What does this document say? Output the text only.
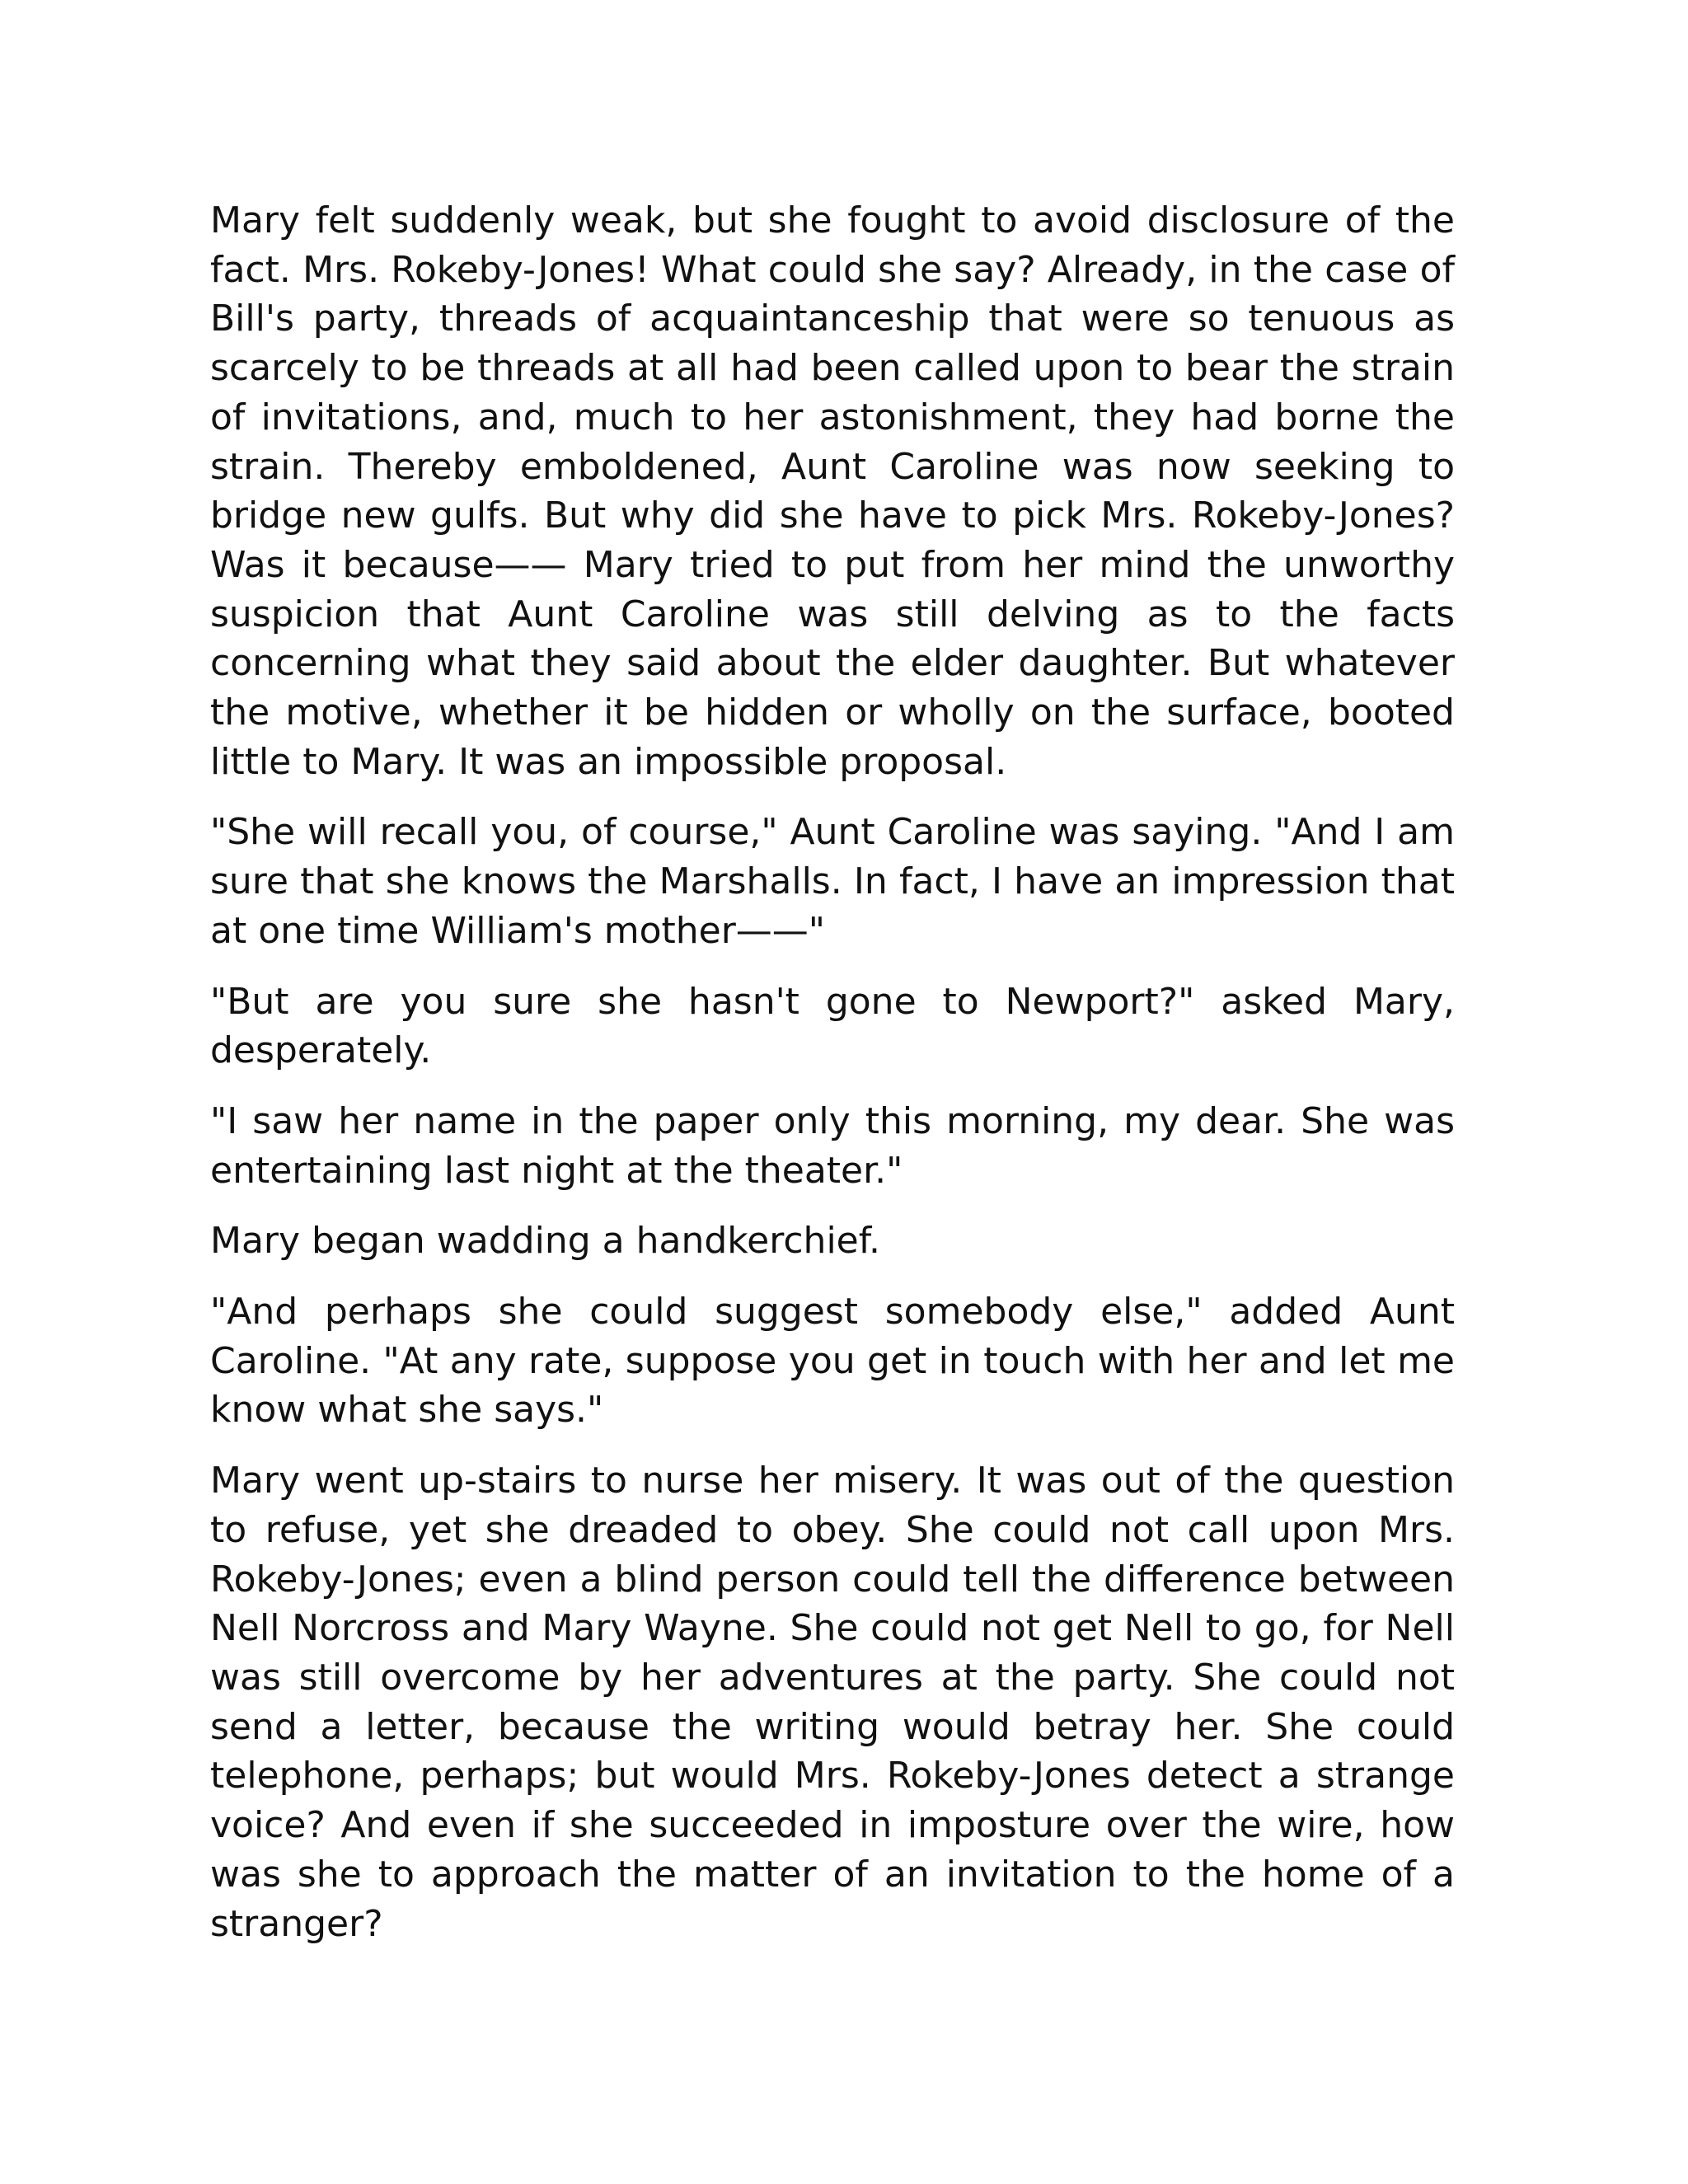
Mary felt suddenly weak, but she fought to avoid disclosure of the fact. Mrs. Rokeby-Jones! What could she say? Already, in the case of Bill's party, threads of acquaintanceship that were so tenuous as scarcely to be threads at all had been called upon to bear the strain of invitations, and, much to her astonishment, they had borne the strain. Thereby emboldened, Aunt Caroline was now seeking to bridge new gulfs. But why did she have to pick Mrs. Rokeby-Jones? Was it because—— Mary tried to put from her mind the unworthy suspicion that Aunt Caroline was still delving as to the facts concerning what they said about the elder daughter. But whatever the motive, whether it be hidden or wholly on the surface, booted little to Mary. It was an impossible proposal.

"She will recall you, of course," Aunt Caroline was saying. "And I am sure that she knows the Marshalls. In fact, I have an impression that at one time William's mother——"

"But are you sure she hasn't gone to Newport?" asked Mary, desperately.

"I saw her name in the paper only this morning, my dear. She was entertaining last night at the theater."

Mary began wadding a handkerchief.

"And perhaps she could suggest somebody else," added Aunt Caroline. "At any rate, suppose you get in touch with her and let me know what she says."

Mary went up-stairs to nurse her misery. It was out of the question to refuse, yet she dreaded to obey. She could not call upon Mrs. Rokeby-Jones; even a blind person could tell the difference between Nell Norcross and Mary Wayne. She could not get Nell to go, for Nell was still overcome by her adventures at the party. She could not send a letter, because the writing would betray her. She could telephone, perhaps; but would Mrs. Rokeby-Jones detect a strange voice? And even if she succeeded in imposture over the wire, how was she to approach the matter of an invitation to the home of a stranger?
